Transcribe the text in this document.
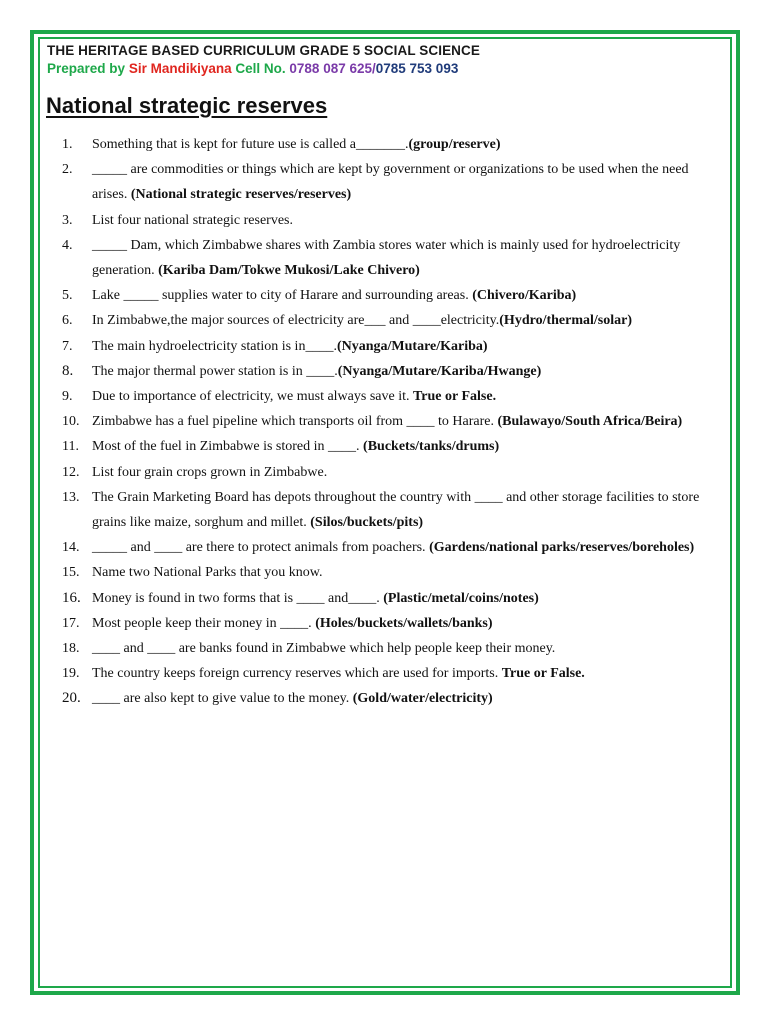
THE HERITAGE BASED CURRICULUM GRADE 5 SOCIAL SCIENCE
Prepared by Sir Mandikiyana Cell No. 0788 087 625/0785 753 093
National strategic reserves
1.	Something that is kept for future use is called a_______.(group/reserve)
2.	_____ are commodities or things which are kept by government or organizations to be used when the need arises. (National strategic reserves/reserves)
3.	List four national strategic reserves.
4.	_____ Dam, which Zimbabwe shares with Zambia stores water which is mainly used for hydroelectricity generation. (Kariba Dam/Tokwe Mukosi/Lake Chivero)
5.	Lake _____ supplies water to city of Harare and surrounding areas. (Chivero/Kariba)
6.	In Zimbabwe,the major sources of electricity are___ and ____electricity.(Hydro/thermal/solar)
7.	The main hydroelectricity station is in____.(Nyanga/Mutare/Kariba)
8.	The major thermal power station is in ____.(Nyanga/Mutare/Kariba/Hwange)
9.	Due to importance of electricity, we must always save it. True or False.
10. Zimbabwe has a fuel pipeline which transports oil from ____ to Harare. (Bulawayo/South Africa/Beira)
11. Most of the fuel in Zimbabwe is stored in ____. (Buckets/tanks/drums)
12. List four grain crops grown in Zimbabwe.
13. The Grain Marketing Board has depots throughout the country with ____ and other storage facilities to store grains like maize, sorghum and millet. (Silos/buckets/pits)
14. _____ and ____ are there to protect animals from poachers. (Gardens/national parks/reserves/boreholes)
15. Name two National Parks that you know.
16. Money is found in two forms that is ____ and____. (Plastic/metal/coins/notes)
17. Most people keep their money in ____. (Holes/buckets/wallets/banks)
18. ____ and ____ are banks found in Zimbabwe which help people keep their money.
19. The country keeps foreign currency reserves which are used for imports. True or False.
20. ____ are also kept to give value to the money. (Gold/water/electricity)
